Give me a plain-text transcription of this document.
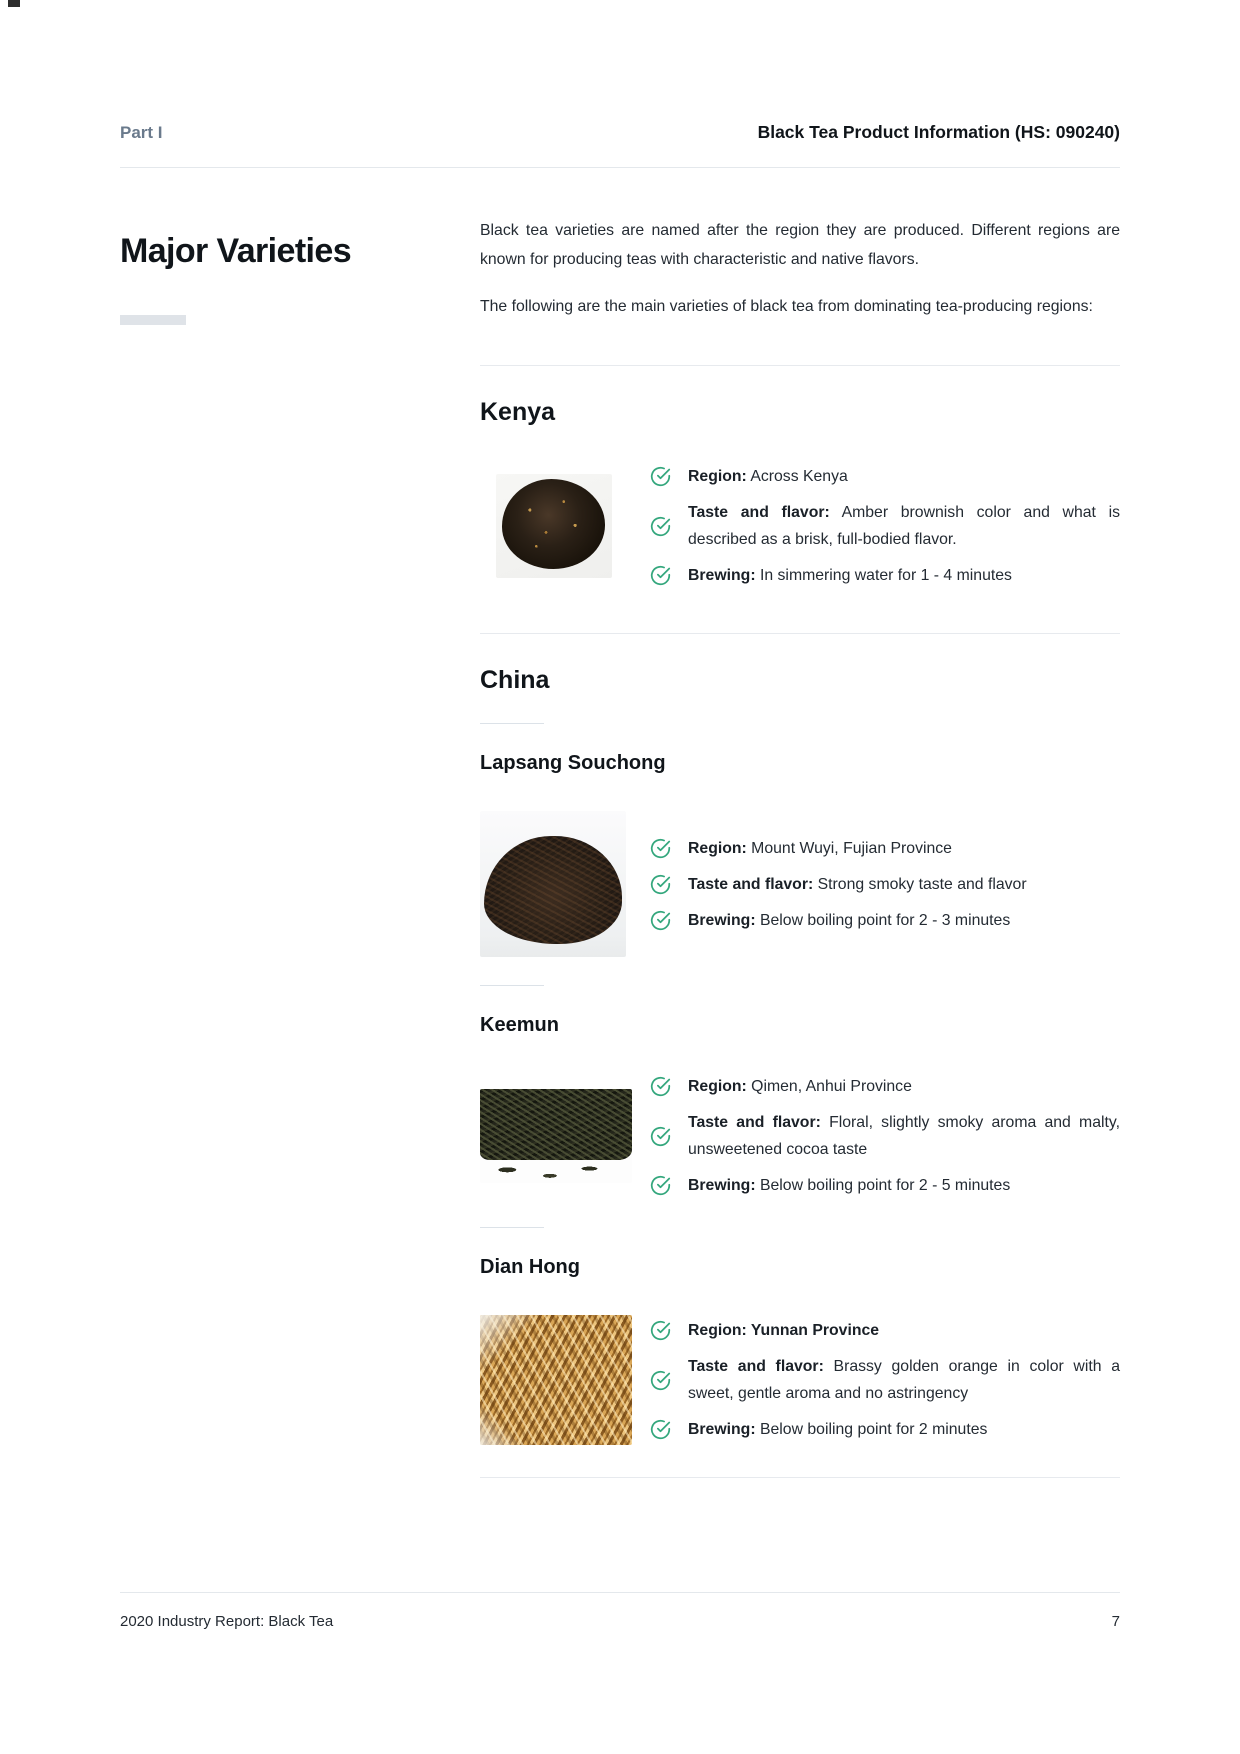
Part I	Black Tea Product Information (HS: 090240)
Major Varieties

Black tea varieties are named after the region they are produced. Different regions are known for producing teas with characteristic and native flavors.

The following are the main varieties of black tea from dominating tea-producing regions:

Kenya

Region: Across Kenya

Taste and flavor: Amber brownish color and what is described as a brisk, full-bodied flavor.

Brewing: In simmering water for 1 - 4 minutes

China
Lapsang Souchong

Region: Mount Wuyi, Fujian Province

Taste and flavor: Strong smoky taste and flavor

Brewing: Below boiling point for 2 - 3 minutes

Keemun

Region: Qimen, Anhui Province

Taste and flavor: Floral, slightly smoky aroma and malty, unsweetened cocoa taste

Brewing: Below boiling point for 2 - 5 minutes

Dian Hong

Region: Yunnan Province

Taste and flavor: Brassy golden orange in color with a sweet, gentle aroma and no astringency

Brewing: Below boiling point for 2 minutes

2020 Industry Report: Black Tea	7
